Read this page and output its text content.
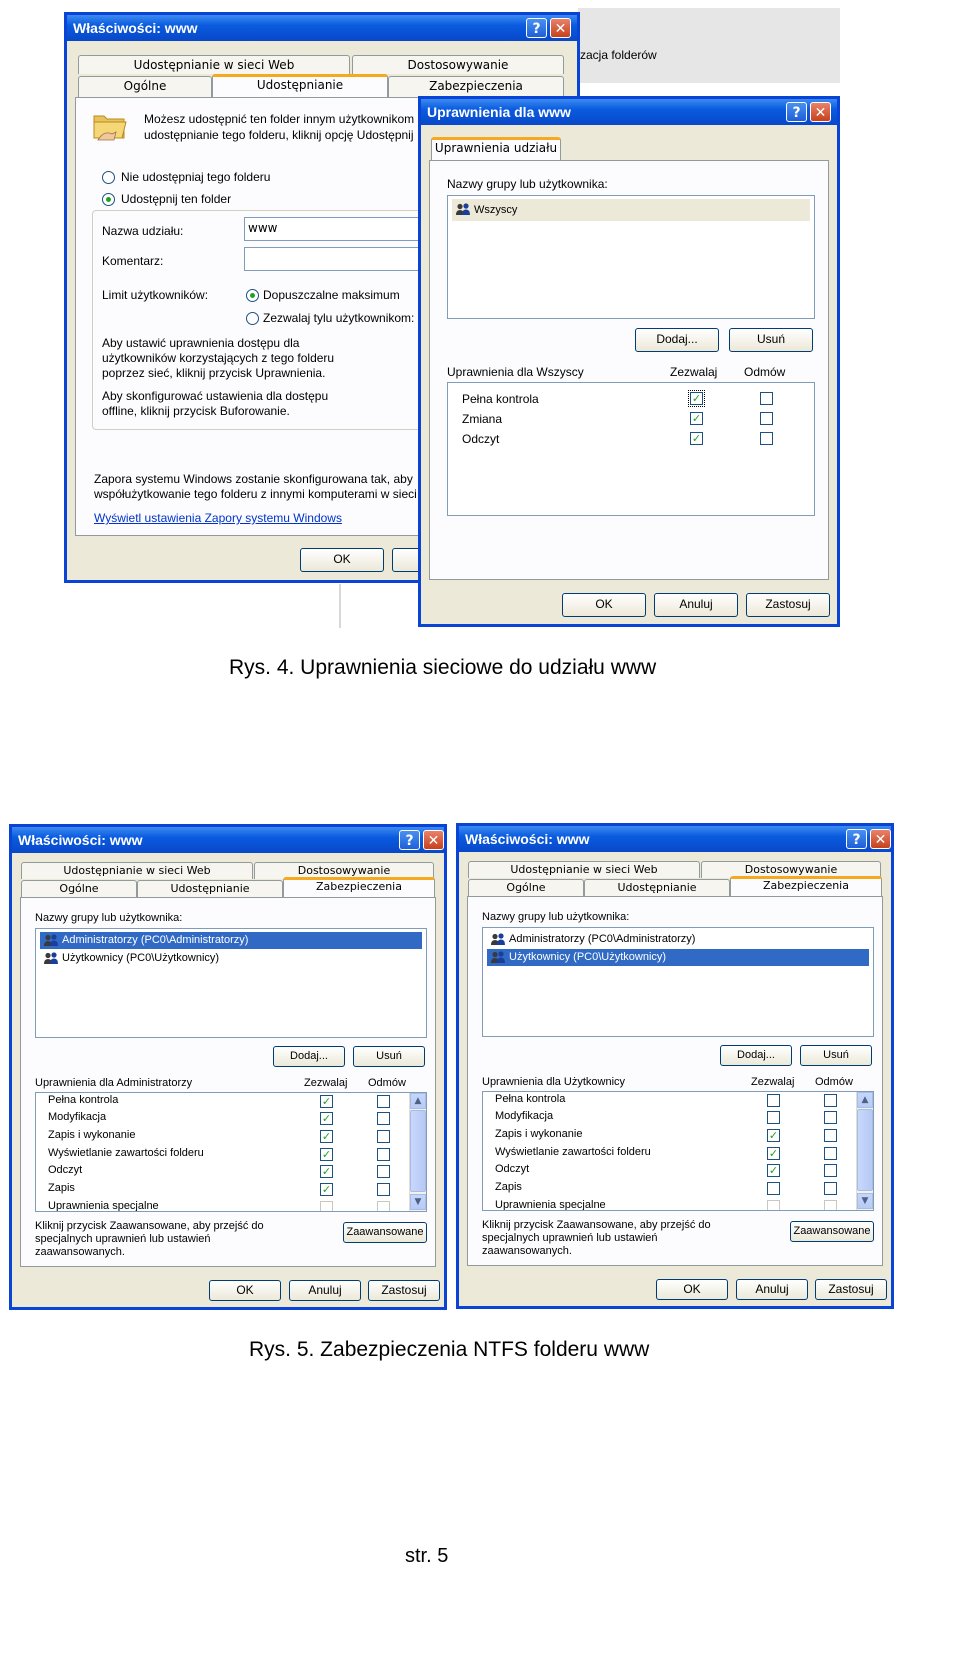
zacja folderów
Właściwości: www	?	✕
Udostępnianie w sieci Web	Dostosowywanie
Ogólne	Udostępnianie	Zabezpieczenia
Możesz udostępnić ten folder innym użytkownikom
udostępnianie tego folderu, kliknij opcję Udostępnij
Nie udostępniaj tego folderu
Udostępnij ten folder
Nazwa udziału:	www
Komentarz:
Limit użytkowników:	Dopuszczalne maksimum
Zezwalaj tylu użytkownikom:
Aby ustawić uprawnienia dostępu dla
użytkowników korzystających z tego folderu
poprzez sieć, kliknij przycisk Uprawnienia.
Aby skonfigurować ustawienia dla dostępu
offline, kliknij przycisk Buforowanie.
Zapora systemu Windows zostanie skonfigurowana tak, aby
współużytkowanie tego folderu z innymi komputerami w sieci
Wyświetl ustawienia Zapory systemu Windows
OK
Uprawnienia dla www	?	✕
Uprawnienia udziału
Nazwy grupy lub użytkownika:
Wszyscy
Dodaj...	Usuń
Uprawnienia dla Wszyscy	Zezwalaj Odmów
Pełna kontrola	✓
Zmiana	✓
Odczyt	✓
OK	Anuluj	Zastosuj
Rys. 4. Uprawnienia sieciowe do udziału www
Właściwości: www	?	✕
Udostępnianie w sieci Web	Dostosowywanie
Ogólne	Udostępnianie	Zabezpieczenia
Nazwy grupy lub użytkownika:
Administratorzy (PC0\Administratorzy)
Użytkownicy (PC0\Użytkownicy)
Dodaj...	Usuń
Uprawnienia dla Administratorzy	Zezwalaj Odmów
Pełna kontrola	✓
Modyfikacja	✓
Zapis i wykonanie	✓
Wyświetlanie zawartości folderu	✓
Odczyt	✓
Zapis	✓
Uprawnienia specjalne
▲
▼
Kliknij przycisk Zaawansowane, aby przejść do
specjalnych uprawnień lub ustawień
zaawansowanych.
Zaawansowane
OK	Anuluj	Zastosuj
Właściwości: www	?	✕
Udostępnianie w sieci Web	Dostosowywanie
Ogólne	Udostępnianie	Zabezpieczenia
Nazwy grupy lub użytkownika:
Administratorzy (PC0\Administratorzy)
Użytkownicy (PC0\Użytkownicy)
Dodaj...	Usuń
Uprawnienia dla Użytkownicy	Zezwalaj Odmów
Pełna kontrola
Modyfikacja
Zapis i wykonanie	✓
Wyświetlanie zawartości folderu	✓
Odczyt	✓
Zapis
Uprawnienia specjalne
▲
▼
Kliknij przycisk Zaawansowane, aby przejść do
specjalnych uprawnień lub ustawień
zaawansowanych.
Zaawansowane
OK	Anuluj	Zastosuj
Rys. 5. Zabezpieczenia NTFS folderu www
str. 5
